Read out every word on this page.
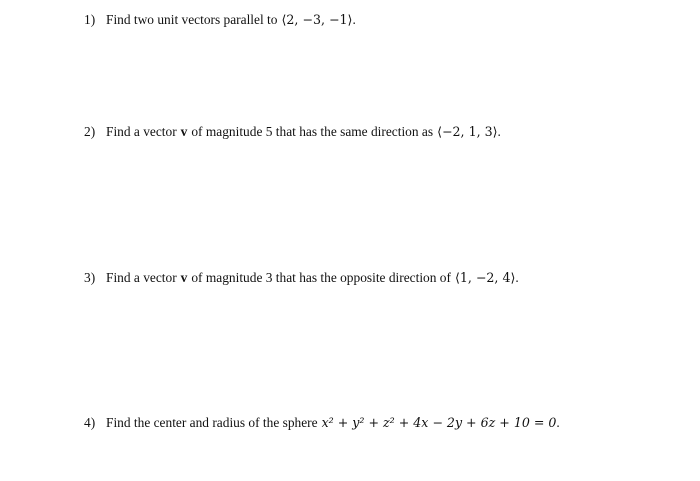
1) Find two unit vectors parallel to ⟨2, −3, −1⟩ .
2) Find a vector v of magnitude 5 that has the same direction as ⟨−2, 1, 3⟩ .
3) Find a vector v of magnitude 3 that has the opposite direction of ⟨1, −2, 4⟩ .
4) Find the center and radius of the sphere x² + y² + z² + 4x − 2y + 6z + 10 = 0 .
